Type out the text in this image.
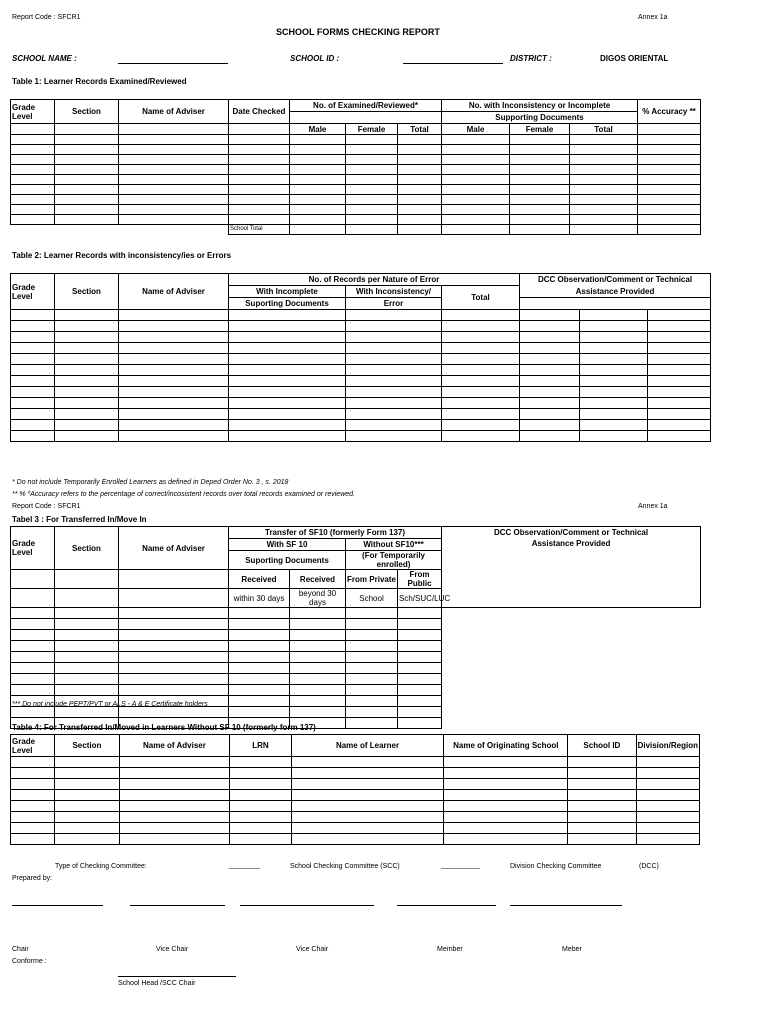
Report Code : SFCR1	Annex 1a
SCHOOL FORMS CHECKING REPORT
SCHOOL NAME :	SCHOOL ID :	DISTRICT :	DIGOS ORIENTAL
Table 1: Learner Records Examined/Reviewed
Grade Level	Section	Name of Adviser	Date Checked	No. of Examined/Reviewed*			No. with Inconsistency or Incomplete			% Accuracy **
							Supporting Documents			

				Male	Female	Total	Male	Female	Total	

			School Total							
Table 2: Learner Records with inconsistency/ies or Errors
Grade Level	Section	Name of Adviser	No. of Records per Nature of Error			DCC Observation/Comment or Technical		
			With Incomplete	With Inconsistency/	Total	Assistance Provided		
			Suporting Documents	Error				

* Do not include Temporarily Enrolled Learners as defined in Deped Order No. 3 , s. 2018
** % ºAccuracy refers to the percentage of correct/incosistent records over total records examined or reviewed.
Report Code : SFCR1	Annex 1a
Tabel 3 : For Transferred In/Move In
Grade Level	Section	Name of Adviser	Transfer of SF10 (formerly Form 137)				DCC Observation/Comment or Technical
			With SF 10		Without SF10***		Assistance Provided
			Suporting Documents		(For Temporarily enrolled)		
			Received	Received	From Private	From Public	
			within 30 days	beyond 30 days	School	Sch/SUC/LUC	

*** Do not include PEPT/PVT or ALS - A & E Certificate holders
Table 4: For Transferred In/Moved in Learners Without SF 10 (formerly form 137)
Grade Level	Section	Name of Adviser	LRN	Name of Learner	Name of Originating School	School ID	Division/Region

Type of Checking Committee:	________	School Checking Committee (SCC)	__________	Division Checking Committee	(DCC)
Prepared by:
Chair	Vice Chair	Vice Chair	Member	Meber
Conforme :
School Head /SCC Chair
